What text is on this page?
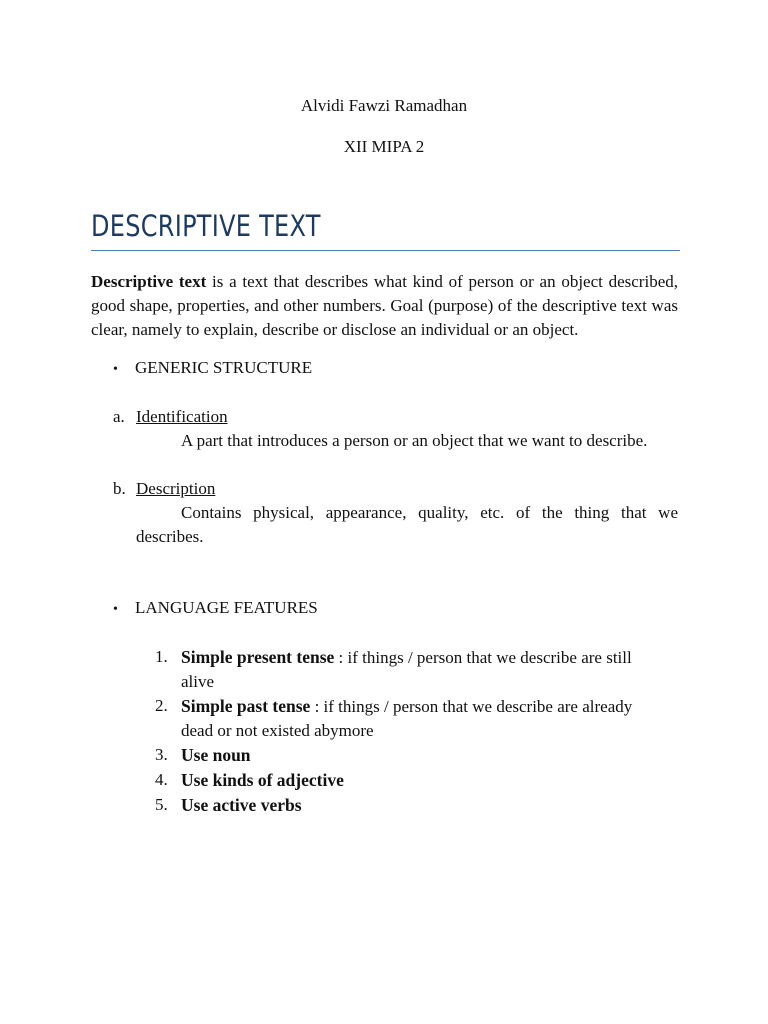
Alvidi Fawzi Ramadhan
XII MIPA 2
DESCRIPTIVE TEXT

Descriptive text is a text that describes what kind of person or an object described, good shape, properties, and other numbers. Goal (purpose) of the descriptive text was clear, namely to explain, describe or disclose an individual or an object.

• GENERIC STRUCTURE
a. Identification
A part that introduces a person or an object that we want to describe.
b. Description
Contains physical, appearance, quality, etc. of the thing that we describes.
• LANGUAGE FEATURES
1. Simple present tense : if things / person that we describe are still alive
2. Simple past tense : if things / person that we describe are already dead or not existed abymore
3. Use noun
4. Use kinds of adjective
5. Use active verbs
